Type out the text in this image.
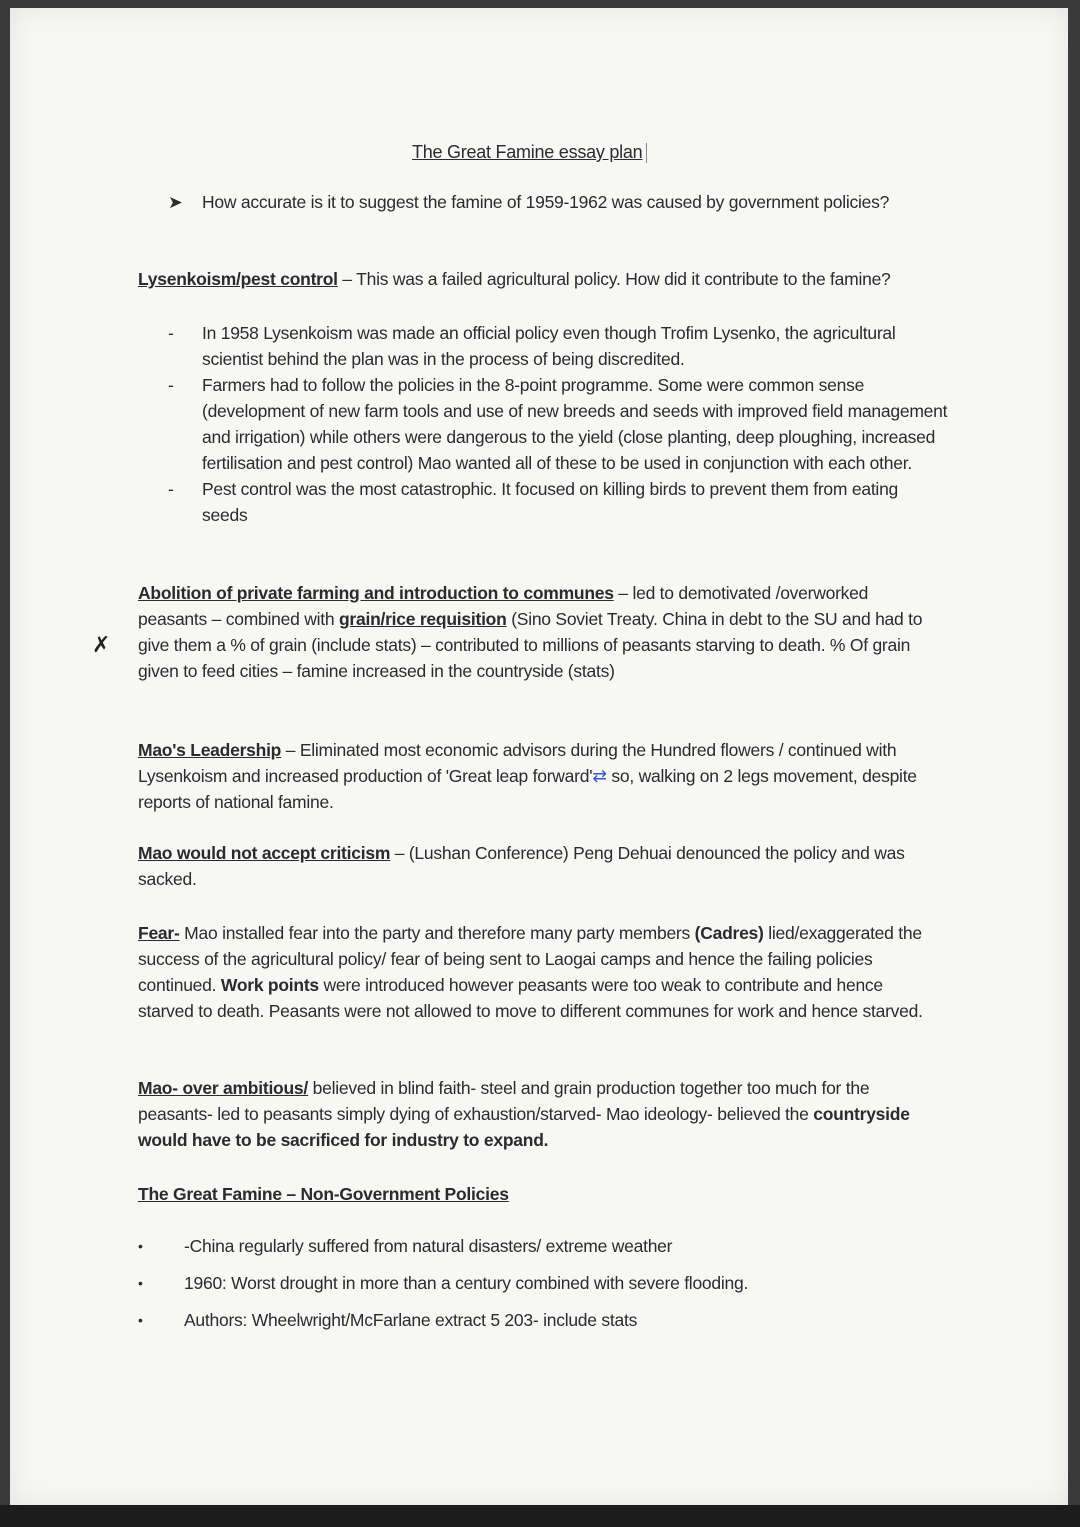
The Great Famine essay plan
➤ How accurate is it to suggest the famine of 1959-1962 was caused by government policies?
Lysenkoism/pest control – This was a failed agricultural policy. How did it contribute to the famine?
- In 1958 Lysenkoism was made an official policy even though Trofim Lysenko, the agricultural scientist behind the plan was in the process of being discredited.
- Farmers had to follow the policies in the 8-point programme. Some were common sense (development of new farm tools and use of new breeds and seeds with improved field management and irrigation) while others were dangerous to the yield (close planting, deep ploughing, increased fertilisation and pest control) Mao wanted all of these to be used in conjunction with each other.
- Pest control was the most catastrophic. It focused on killing birds to prevent them from eating seeds
✗
Abolition of private farming and introduction to communes – led to demotivated /overworked peasants – combined with grain/rice requisition (Sino Soviet Treaty. China in debt to the SU and had to give them a % of grain (include stats) – contributed to millions of peasants starving to death. % Of grain given to feed cities – famine increased in the countryside (stats)
Mao's Leadership – Eliminated most economic advisors during the Hundred flowers / continued with Lysenkoism and increased production of 'Great leap forward'⇄ so, walking on 2 legs movement, despite reports of national famine.
Mao would not accept criticism – (Lushan Conference) Peng Dehuai denounced the policy and was sacked.
Fear- Mao installed fear into the party and therefore many party members (Cadres) lied/exaggerated the success of the agricultural policy/ fear of being sent to Laogai camps and hence the failing policies continued. Work points were introduced however peasants were too weak to contribute and hence starved to death. Peasants were not allowed to move to different communes for work and hence starved.
Mao- over ambitious/ believed in blind faith- steel and grain production together too much for the peasants- led to peasants simply dying of exhaustion/starved- Mao ideology- believed the countryside would have to be sacrificed for industry to expand.
The Great Famine – Non-Government Policies
• -China regularly suffered from natural disasters/ extreme weather
• 1960: Worst drought in more than a century combined with severe flooding.
• Authors: Wheelwright/McFarlane extract 5 203- include stats
